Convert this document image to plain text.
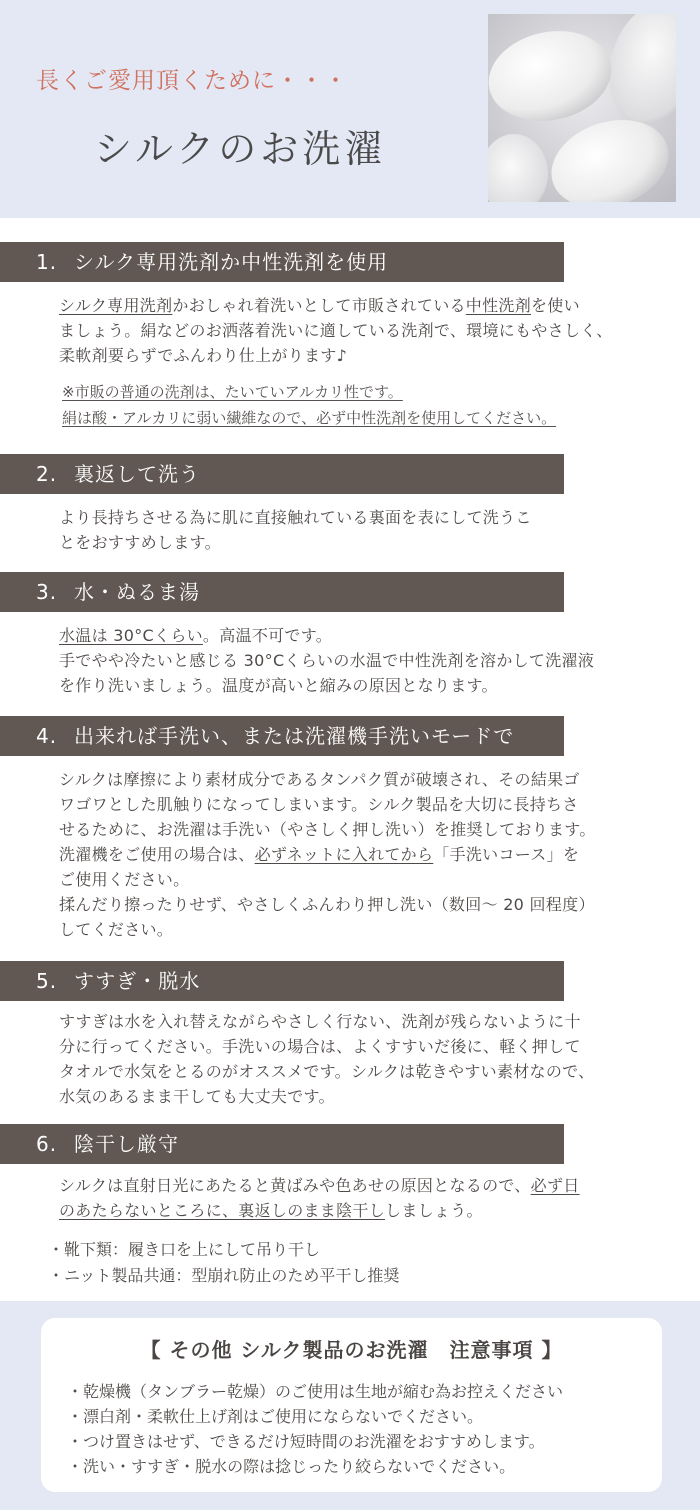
長くご愛用頂くために・・・
シルクのお洗濯
1. シルク専用洗剤か中性洗剤を使用
シルク専用洗剤かおしゃれ着洗いとして市販されている中性洗剤を使い
ましょう。絹などのお洒落着洗いに適している洗剤で、環境にもやさしく、
柔軟剤要らずでふんわり仕上がります♪
※市販の普通の洗剤は、たいていアルカリ性です。
絹は酸・アルカリに弱い繊維なので、必ず中性洗剤を使用してください。
2. 裏返して洗う
より長持ちさせる為に肌に直接触れている裏面を表にして洗うこ
とをおすすめします。
3. 水・ぬるま湯
水温は 30°Cくらい。高温不可です。
手でやや冷たいと感じる 30°Cくらいの水温で中性洗剤を溶かして洗濯液
を作り洗いましょう。温度が高いと縮みの原因となります。
4. 出来れば手洗い、または洗濯機手洗いモードで
シルクは摩擦により素材成分であるタンパク質が破壊され、その結果ゴ
ワゴワとした肌触りになってしまいます。シルク製品を大切に長持ちさ
せるために、お洗濯は手洗い（やさしく押し洗い）を推奨しております。
洗濯機をご使用の場合は、必ずネットに入れてから「手洗いコース」を
ご使用ください。
揉んだり擦ったりせず、やさしくふんわり押し洗い（数回〜 20 回程度）
してください。
5. すすぎ・脱水
すすぎは水を入れ替えながらやさしく行ない、洗剤が残らないように十
分に行ってください。手洗いの場合は、よくすすいだ後に、軽く押して
タオルで水気をとるのがオススメです。シルクは乾きやすい素材なので、
水気のあるまま干しても大丈夫です。
6. 陰干し厳守
シルクは直射日光にあたると黄ばみや色あせの原因となるので、必ず日
のあたらないところに、裏返しのまま陰干ししましょう。
・靴下類：履き口を上にして吊り干し
・ニット製品共通：型崩れ防止のため平干し推奨
【 その他 シルク製品のお洗濯　注意事項 】
・乾燥機（タンブラー乾燥）のご使用は生地が縮む為お控えください
・漂白剤・柔軟仕上げ剤はご使用にならないでください。
・つけ置きはせず、できるだけ短時間のお洗濯をおすすめします。
・洗い・すすぎ・脱水の際は捻じったり絞らないでください。
